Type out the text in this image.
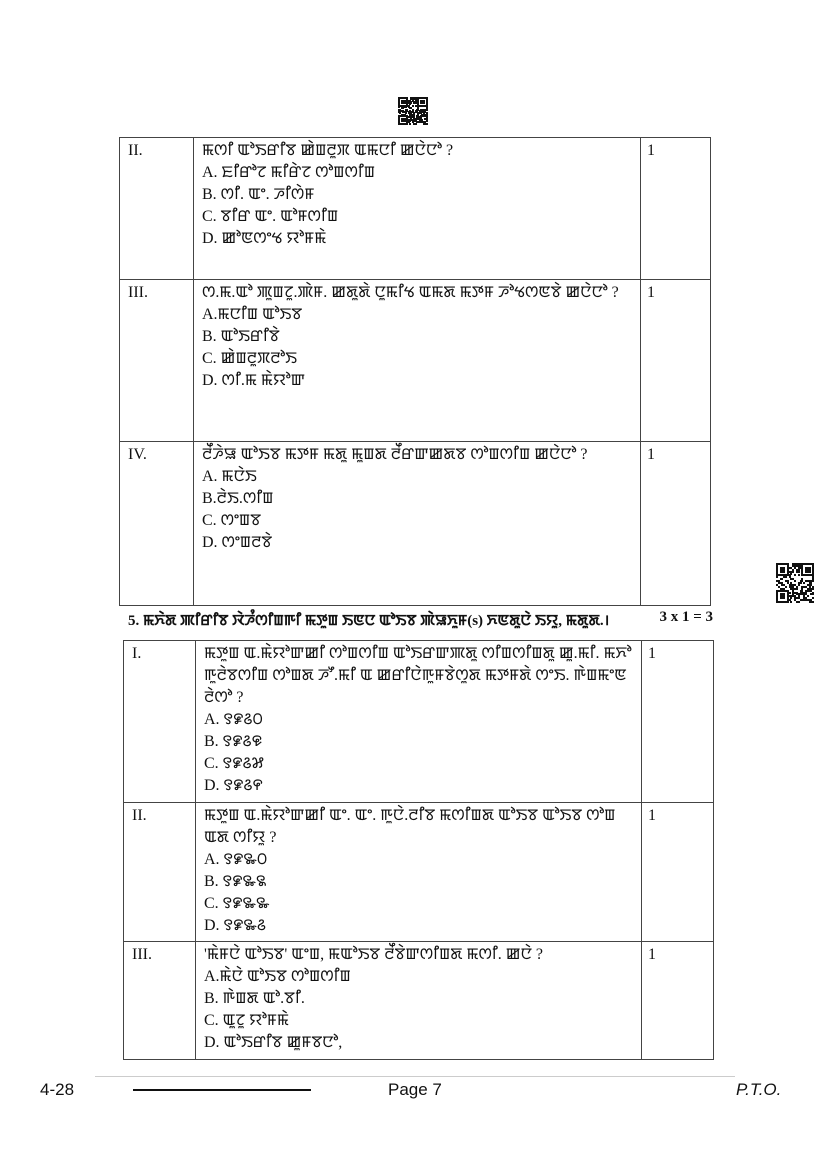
II.	ꯃꯁꯤ ꯑꯣꯏꯔꯤꯕ ꯀꯥꯡꯂꯨꯞ ꯑꯃꯅꯤ ꯀꯅꯥꯅꯣ ?
A. ꯐꯤꯔꯣꯖ ꯃꯤꯔꯥꯖ ꯁꯣꯡꯁꯤꯡ
B. ꯁꯤ. ꯑꯦ. ꯍꯤꯁꯥꯝ
C. ꯕꯤꯔ ꯑꯦ. ꯑꯣꯝꯁꯤꯡ
D. ꯀꯣꯟꯁꯦꯠ ꯌꯣꯝꯃꯥ	1
III.	ꯁ.ꯃ.ꯑꯣ ꯄꯨꯡꯖꯨ.ꯄꯥꯝ. ꯀꯗꯨꯗꯥ ꯅꯨꯃꯤꯠ ꯑꯃꯗ ꯃꯇꯝ ꯍꯣꯠꯁꯟꯕꯥ ꯀꯅꯥꯅꯣ ?
A.ꯃꯅꯤꯡ ꯑꯣꯏꯕ
B. ꯑꯣꯏꯔꯤꯕꯥ
C. ꯀꯥꯡꯂꯨꯞꯂꯣꯏ
D. ꯁꯤ.ꯃ ꯃꯥꯌꯣꯛ	1
IV.	ꯂꯩꯍꯥꯎ ꯑꯣꯏꯕ ꯃꯇꯝ ꯃꯗꯨ ꯃꯨꯡꯗ ꯂꯩꯔꯛꯀꯗꯕ ꯁꯣꯡꯁꯤꯡ ꯀꯅꯥꯅꯣ ?
A. ꯃꯅꯥꯏ
B.ꯂꯥꯏ.ꯁꯤꯡ
C. ꯁꯦꯡꯕ
D. ꯁꯦꯡꯂꯕꯥ	1
5. ꯃꯈꯥꯗ ꯄꯤꯔꯤꯕ ꯋꯥꯍꯪꯁꯤꯡꯒꯤ ꯃꯇꯨꯡ ꯏꯟꯅ ꯑꯣꯏꯕ ꯄꯥꯎꯈꯨꯝ(s) ꯈꯟꯗꯨꯅꯥ ꯏꯌꯨ, ꯃꯗꯨꯗ.।	3 x 1 = 3
I.	ꯃꯇꯨꯡ ꯑ.ꯃꯥꯌꯣꯛꯀꯤ ꯁꯣꯡꯁꯤꯡ ꯑꯣꯏꯔꯛꯄꯗꯨ ꯁꯤꯡꯁꯤꯡꯗꯨ ꯀꯨ.ꯃꯤ. ꯃꯈꯣ ꯒꯨꯂꯥꯕꯁꯤꯡ ꯁꯣꯡꯗ ꯍꯧ.ꯃꯤ ꯑ ꯀꯔꯤꯅꯥꯒꯨꯝꯕꯥꯁꯨꯗ ꯃꯇꯝꯗꯥ ꯁꯦꯏ. ꯒꯥꯡꯃꯦꯟ ꯂꯥꯁꯣ ?
A. ꯱꯹꯴꯰
B. ꯱꯹꯴꯶
C. ꯱꯹꯴꯷
D. ꯱꯹꯴꯵	1
II.	ꯃꯇꯨꯡ ꯑ.ꯃꯥꯌꯣꯛꯀꯤ ꯑꯦ. ꯑꯦ. ꯒꯨꯅꯥ.ꯂꯤꯕ ꯃꯁꯤꯡꯗ ꯑꯣꯏꯕ ꯑꯣꯏꯕ ꯁꯣꯡ ꯑꯗ ꯁꯤꯌꯨ ?
A. ꯱꯹꯳꯰
B. ꯱꯹꯳꯲
C. ꯱꯹꯳꯳
D. ꯱꯹꯳꯴	1
III.	'ꯃꯥꯝꯅꯥ ꯑꯣꯏꯕ' ꯑꯦꯡ, ꯃꯑꯣꯏꯕ ꯂꯩꯕꯥꯛꯁꯤꯡꯗ ꯃꯁꯤ. ꯀꯅꯥ ?
A.ꯃꯥꯅꯥ ꯑꯣꯏꯕ ꯁꯣꯡꯁꯤꯡ
B. ꯒꯥꯡꯗ ꯑꯣ.ꯕꯤ.
C. ꯑꯨꯖꯨ ꯌꯣꯝꯃꯥ
D. ꯑꯣꯏꯔꯤꯕ ꯀꯨꯝꯕꯅꯣ,	1
4-28	Page 7	P.T.O.
